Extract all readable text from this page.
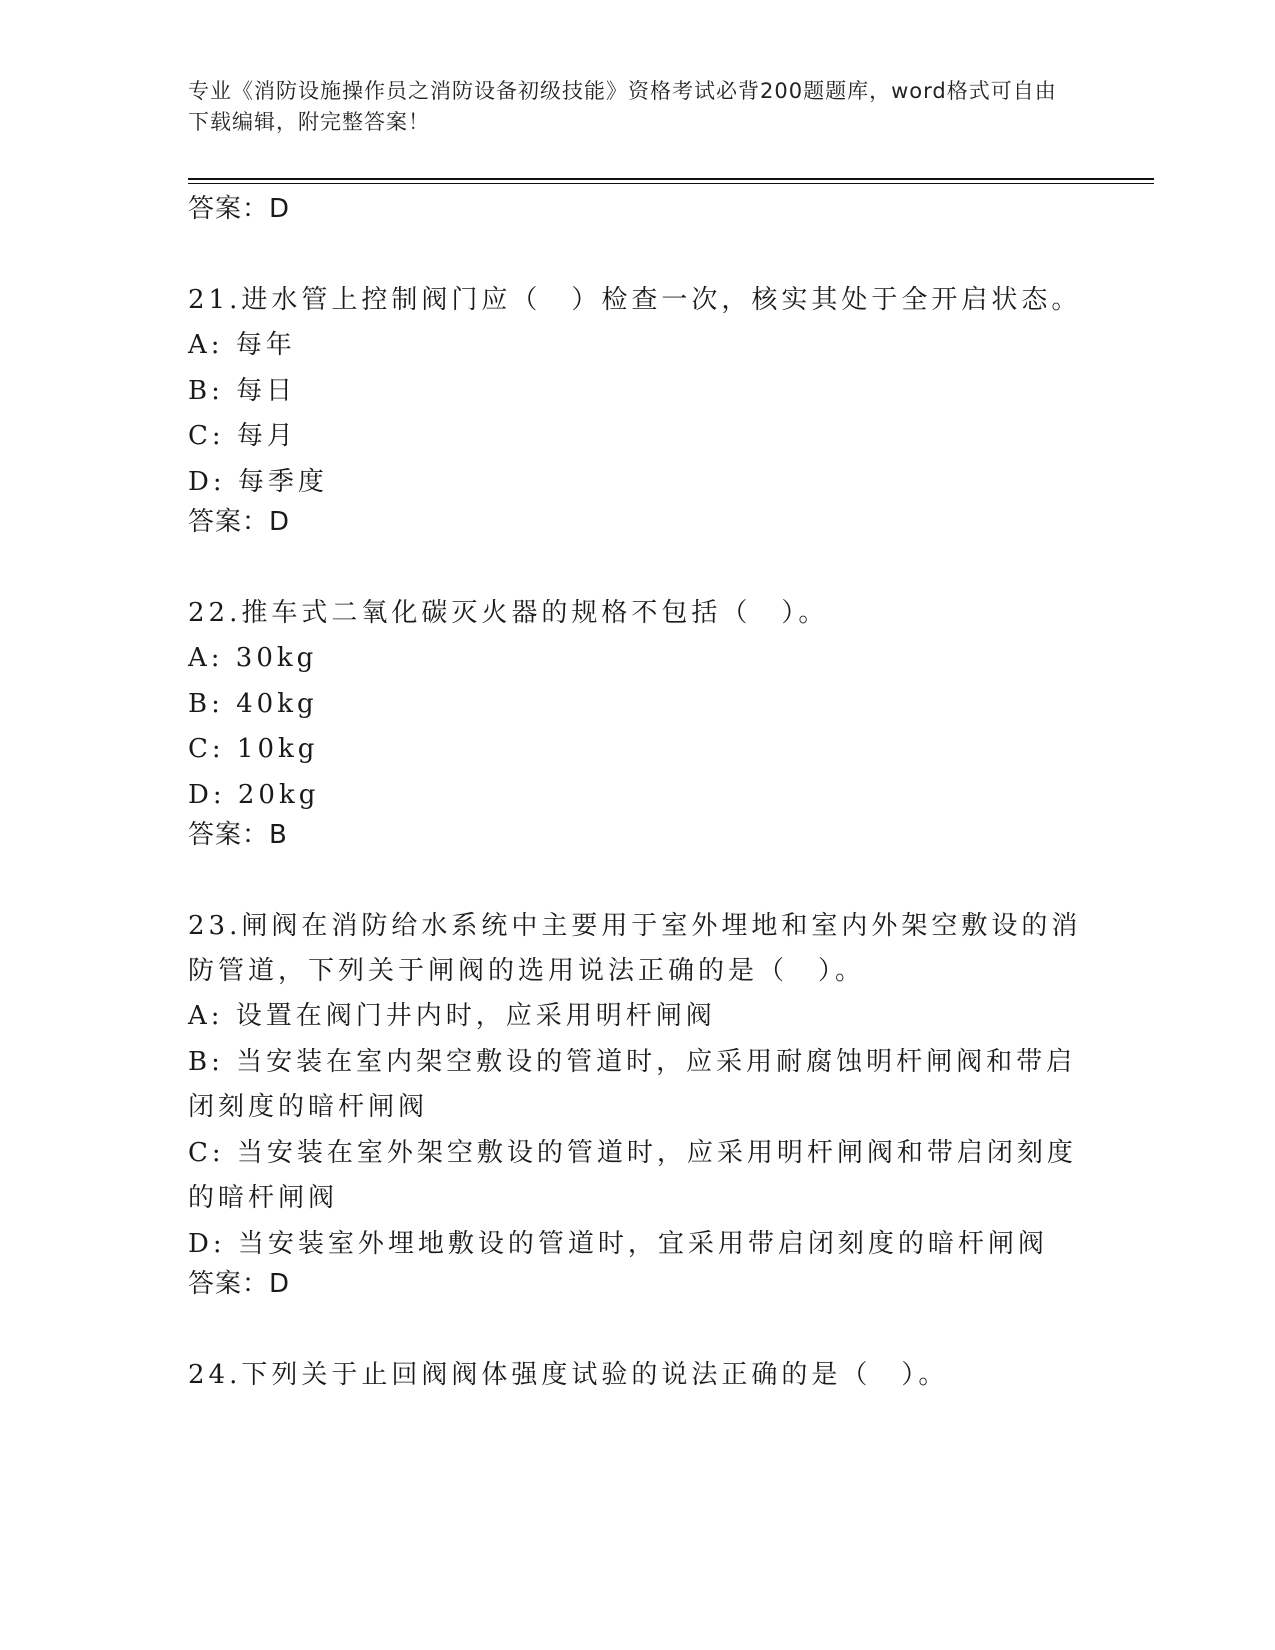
专业《消防设施操作员之消防设备初级技能》资格考试必背200题题库，word格式可自由下载编辑，附完整答案！

答案：D

21.进水管上控制阀门应（　）检查一次，核实其处于全开启状态。

A: 每年

B: 每日

C: 每月

D: 每季度

答案：D

22.推车式二氧化碳灭火器的规格不包括（　）。

A: 30kg

B: 40kg

C: 10kg

D: 20kg

答案：B

23.闸阀在消防给水系统中主要用于室外埋地和室内外架空敷设的消防管道，下列关于闸阀的选用说法正确的是（　）。

A: 设置在阀门井内时，应采用明杆闸阀

B: 当安装在室内架空敷设的管道时，应采用耐腐蚀明杆闸阀和带启闭刻度的暗杆闸阀

C: 当安装在室外架空敷设的管道时，应采用明杆闸阀和带启闭刻度的暗杆闸阀

D: 当安装室外埋地敷设的管道时，宜采用带启闭刻度的暗杆闸阀

答案：D

24.下列关于止回阀阀体强度试验的说法正确的是（　）。
